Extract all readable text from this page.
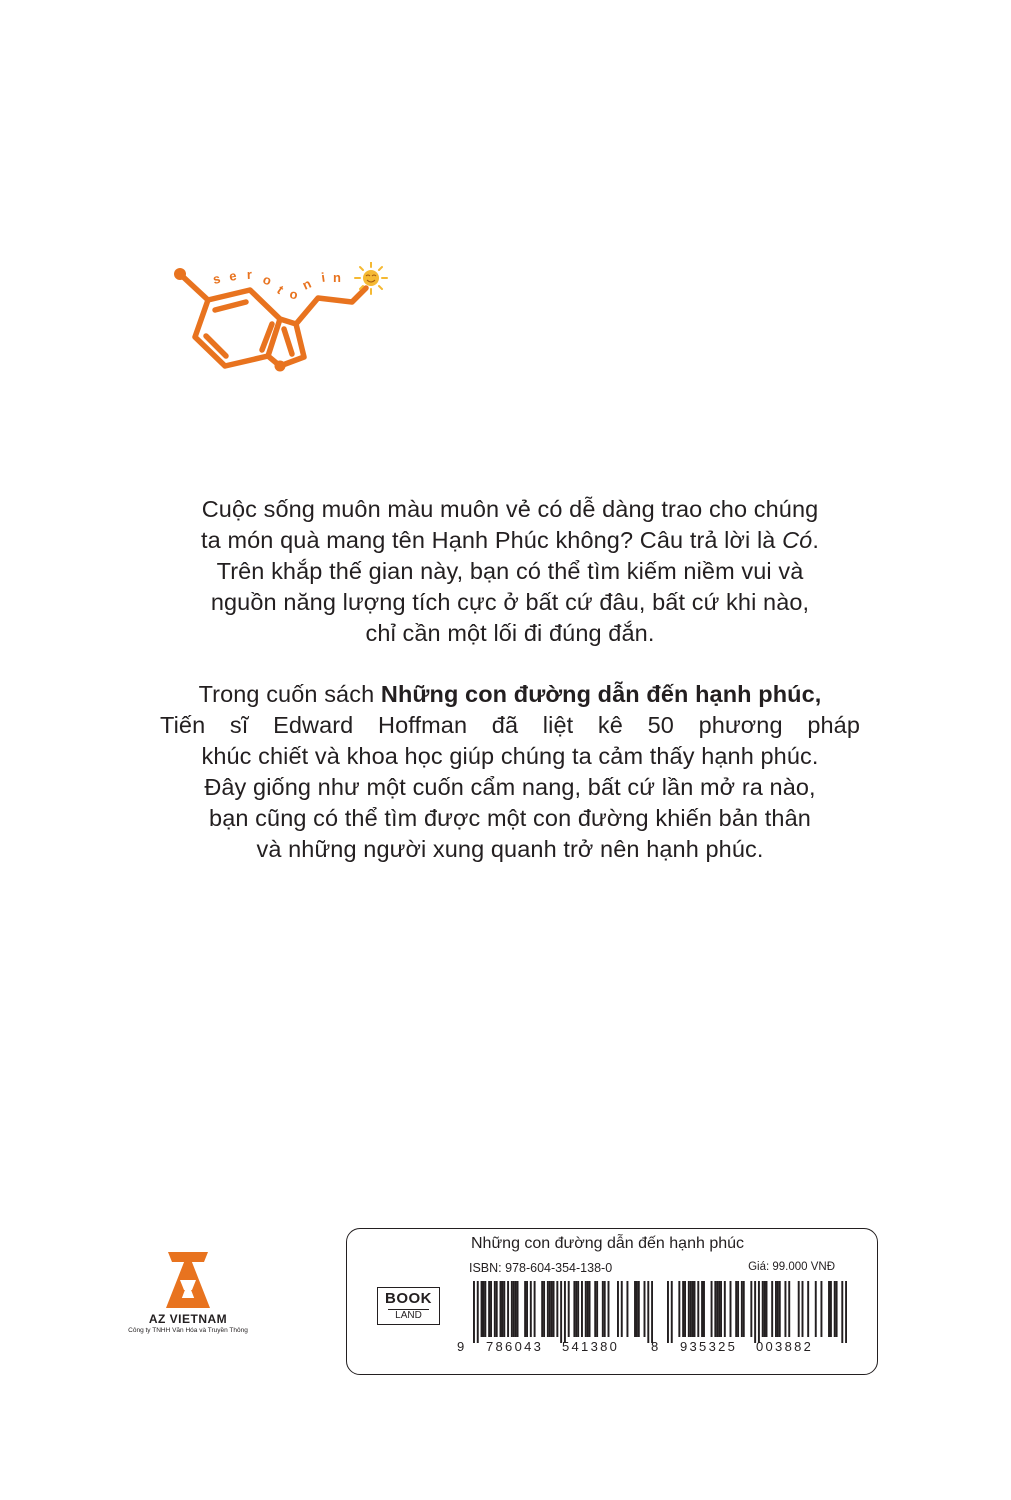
s e r o
t o
n i n
Cuộc sống muôn màu muôn vẻ có dễ dàng trao cho chúng
ta món quà mang tên Hạnh Phúc không? Câu trả lời là Có.
Trên khắp thế gian này, bạn có thể tìm kiếm niềm vui và
nguồn năng lượng tích cực ở bất cứ đâu, bất cứ khi nào,
chỉ cần một lối đi đúng đắn.
Trong cuốn sách Những con đường dẫn đến hạnh phúc,
Tiến sĩ Edward Hoffman đã liệt kê 50 phương pháp
khúc chiết và khoa học giúp chúng ta cảm thấy hạnh phúc.
Đây giống như một cuốn cẩm nang, bất cứ lần mở ra nào,
bạn cũng có thể tìm được một con đường khiến bản thân
và những người xung quanh trở nên hạnh phúc.
AZ VIETNAM
Công ty TNHH Văn Hóa và Truyền Thông
Những con đường dẫn đến hạnh phúc
ISBN: 978-604-354-138-0	Giá: 99.000 VNĐ
BOOK
LAND
9 786043 541380 8 935325 003882
